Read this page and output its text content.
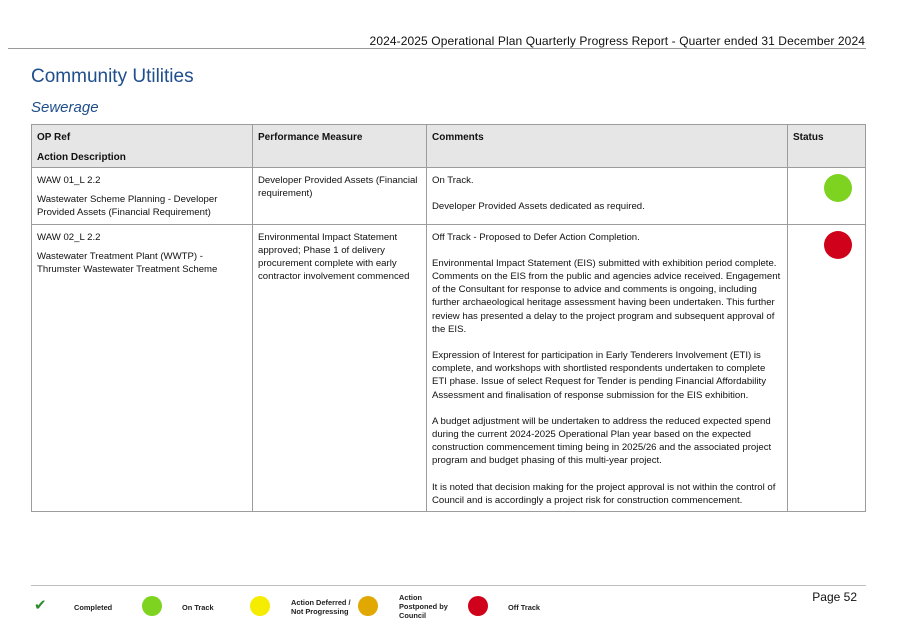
2024-2025 Operational Plan Quarterly Progress Report - Quarter ended 31 December 2024
Community Utilities
Sewerage
OP Ref
Action Description	Performance Measure	Comments	Status

WAW 01_L 2.2
Wastewater Scheme Planning - Developer Provided Assets (Financial Requirement)	Developer Provided Assets (Financial requirement)	On Track.
Developer Provided Assets dedicated as required.	

WAW 02_L 2.2
Wastewater Treatment Plant (WWTP) - Thrumster Wastewater Treatment Scheme	Environmental Impact Statement approved; Phase 1 of delivery procurement complete with early contractor involvement commenced	Off Track - Proposed to Defer Action Completion.
Environmental Impact Statement (EIS) submitted with exhibition period complete. Comments on the EIS from the public and agencies advice received. Engagement of the Consultant for response to advice and comments is ongoing, including further archaeological heritage assessment having been undertaken. This further review has presented a delay to the project program and subsequent approval of the EIS.
Expression of Interest for participation in Early Tenderers Involvement (ETI) is complete, and workshops with shortlisted respondents undertaken to complete ETI phase. Issue of select Request for Tender is pending Financial Affordability Assessment and finalisation of response submission for the EIS exhibition.
A budget adjustment will be undertaken to address the reduced expected spend during the current 2024-2025 Operational Plan year based on the expected construction commencement timing being in 2025/26 and the associated project program and budget phasing of this multi-year project.
It is noted that decision making for the project approval is not within the control of Council and is accordingly a project risk for construction commencement.	

✔	Completed	On Track
Action Deferred /
Not Progressing
Action
Postponed by
Council
Off Track
Page 52
